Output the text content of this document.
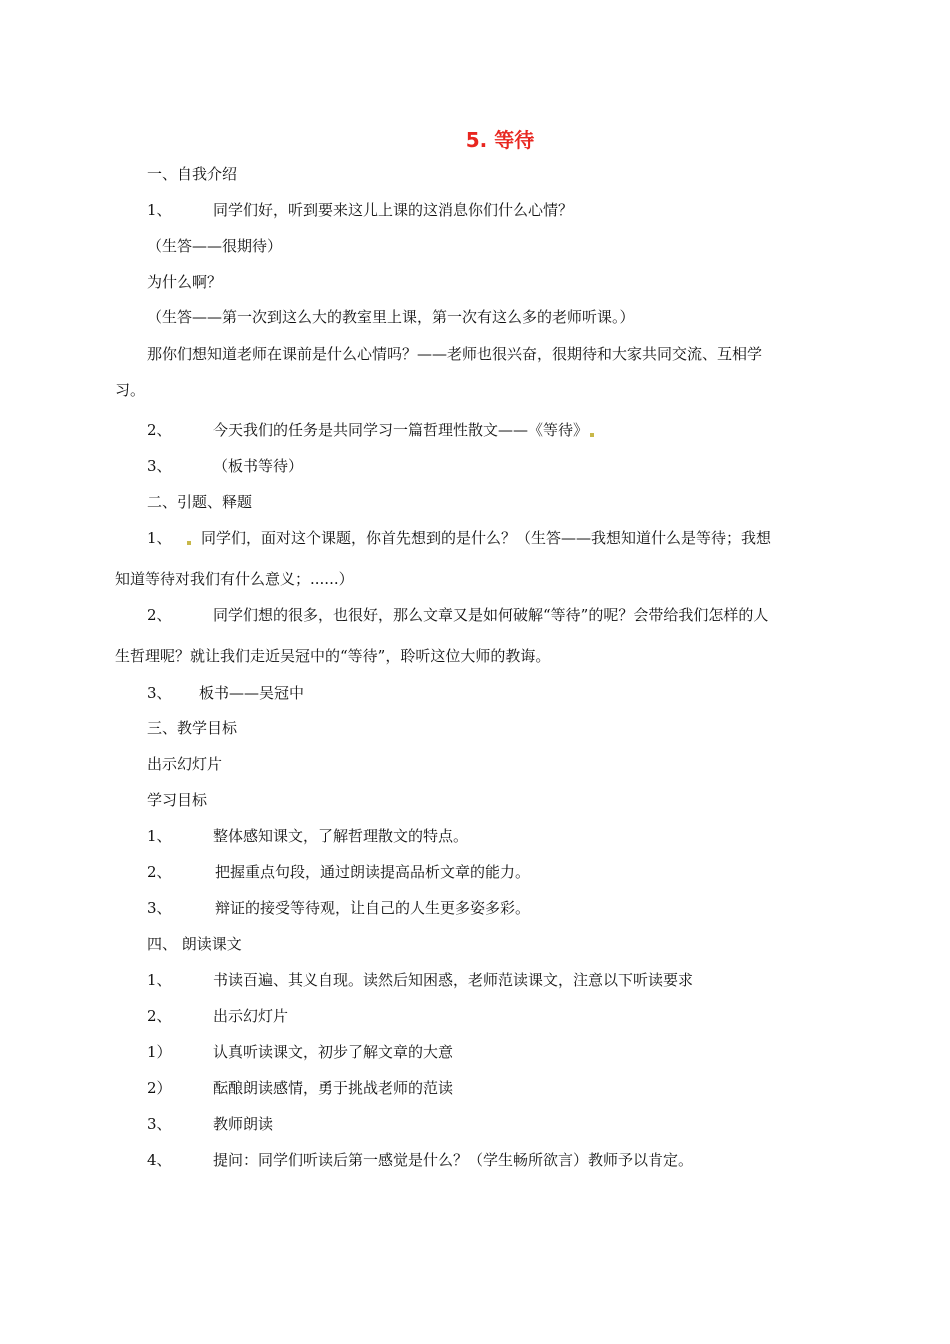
5. 等待
一、自我介绍
1、	同学们好，听到要来这儿上课的这消息你们什么心情？
（生答——很期待）
为什么啊？
（生答——第一次到这么大的教室里上课，第一次有这么多的老师听课。）
那你们想知道老师在课前是什么心情吗？——老师也很兴奋，很期待和大家共同交流、互相学
习。
2、	今天我们的任务是共同学习一篇哲理性散文——《等待》
3、	（板书等待）
二、引题、释题
1、 同学们，面对这个课题，你首先想到的是什么？（生答——我想知道什么是等待；我想
知道等待对我们有什么意义；......）
2、	同学们想的很多，也很好，那么文章又是如何破解“等待”的呢？会带给我们怎样的人
生哲理呢？就让我们走近吴冠中的“等待”，聆听这位大师的教诲。
3、 板书——吴冠中
三、教学目标
出示幻灯片
学习目标
1、	整体感知课文，了解哲理散文的特点。
2、	把握重点句段，通过朗读提高品析文章的能力。
3、	辩证的接受等待观，让自己的人生更多姿多彩。
四、 朗读课文
1、	书读百遍、其义自现。读然后知困惑，老师范读课文，注意以下听读要求
2、	出示幻灯片
1）	认真听读课文，初步了解文章的大意
2）	酝酿朗读感情，勇于挑战老师的范读
3、	教师朗读
4、	提问：同学们听读后第一感觉是什么？（学生畅所欲言）教师予以肯定。
